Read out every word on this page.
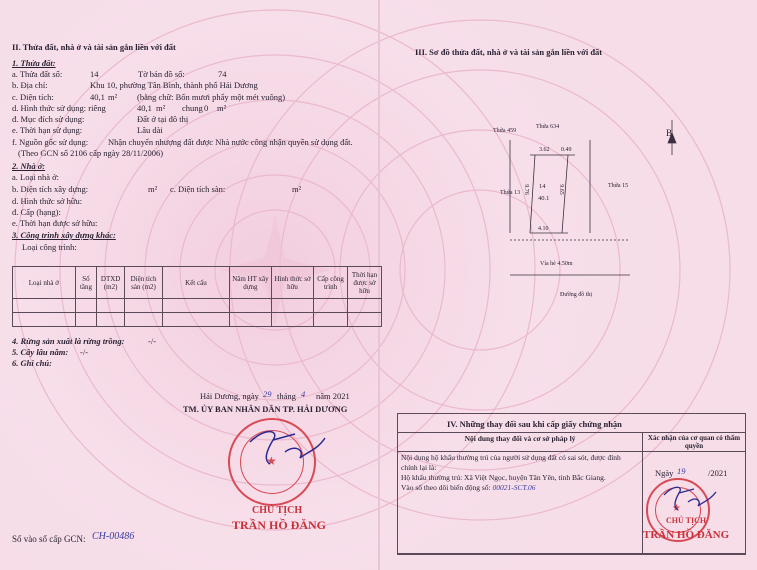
II. Thửa đất, nhà ở và tài sản gắn liền với đất
1. Thửa đất:
a. Thửa đất số:	14	Tờ bản đồ số:	74
b. Địa chỉ:	Khu 10, phường Tân Bình, thành phố Hải Dương
c. Diện tích:	40,1 m² (bằng chữ: Bốn mươi phẩy một mét vuông)
d. Hình thức sử dụng: riêng	40,1 m² chung 0 m²
đ. Mục đích sử dụng:	Đất ở tại đô thị
e. Thời hạn sử dụng:	Lâu dài
f. Nguồn gốc sử dụng: Nhận chuyển nhượng đất được Nhà nước công nhận quyền sử dụng đất.
(Theo GCN số 2106 cấp ngày 28/11/2006)
2. Nhà ở:
a. Loại nhà ở:
b. Diện tích xây dựng:	m² c. Diện tích sàn:	m²
d. Hình thức sở hữu:
đ. Cấp (hạng):
e. Thời hạn được sở hữu:
3. Công trình xây dựng khác:
Loại công trình:
Loại nhà ở	Số tầng	DTXD (m2)	Diện tích sàn (m2)	Kết cấu	Năm HT xây dựng	Hình thức sở hữu	Cấp công trình	Thời hạn được sở hữu

4. Rừng sản xuất là rừng trồng:	-/-
5. Cây lâu năm: -/-
6. Ghi chú:
Hải Dương, ngày 29 tháng 4 năm 2021
TM. ỦY BAN NHÂN DÂN TP. HẢI DƯƠNG
★
CHỦ TỊCH
TRẦN HỒ ĐĂNG
Số vào sổ cấp GCN: CH-00486
III. Sơ đồ thửa đất, nhà ở và tài sản gắn liền với đất
B
Thửa 459
Thửa 634
3.62 0.49
Thửa 13
Thửa 15
14
40.1
9.76	9.65
4.10
Vỉa hè 4.50m
Đường đô thị
IV. Những thay đổi sau khi cấp giấy chứng nhận
Nội dung thay đổi và cơ sở pháp lý	Xác nhận của cơ quan có thẩm quyền

Nội dung hộ khẩu thường trú của người sử dụng đất có sai sót, được đính chính lại là:
Hộ khẩu thường trú: Xã Việt Ngọc, huyện Tân Yên, tỉnh Bắc Giang.
Vào sổ theo dõi biến động số: 00021-SCT.06	

Ngày 19	/2021
★
CHỦ TỊCH
TRẦN HỒ ĐĂNG
